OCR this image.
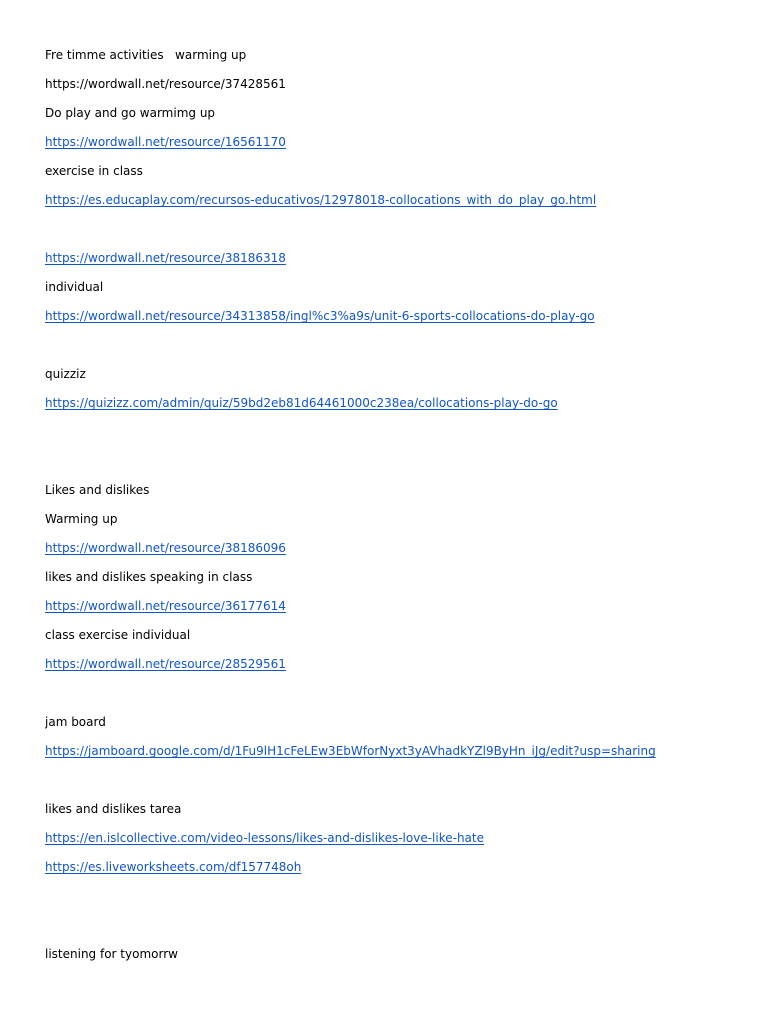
Fre timme activities   warming up
https://wordwall.net/resource/37428561
Do play and go warmimg up
https://wordwall.net/resource/16561170
exercise in class
https://es.educaplay.com/recursos-educativos/12978018-collocations_with_do_play_go.html
https://wordwall.net/resource/38186318
individual
https://wordwall.net/resource/34313858/ingl%c3%a9s/unit-6-sports-collocations-do-play-go
quizziz
https://quizizz.com/admin/quiz/59bd2eb81d64461000c238ea/collocations-play-do-go
Likes and dislikes
Warming up
https://wordwall.net/resource/38186096
likes and dislikes speaking in class
https://wordwall.net/resource/36177614
class exercise individual
https://wordwall.net/resource/28529561
jam board
https://jamboard.google.com/d/1Fu9lH1cFeLEw3EbWforNyxt3yAVhadkYZl9ByHn_iJg/edit?usp=sharing
likes and dislikes tarea
https://en.islcollective.com/video-lessons/likes-and-dislikes-love-like-hate
https://es.liveworksheets.com/df157748oh
listening for tyomorrw
